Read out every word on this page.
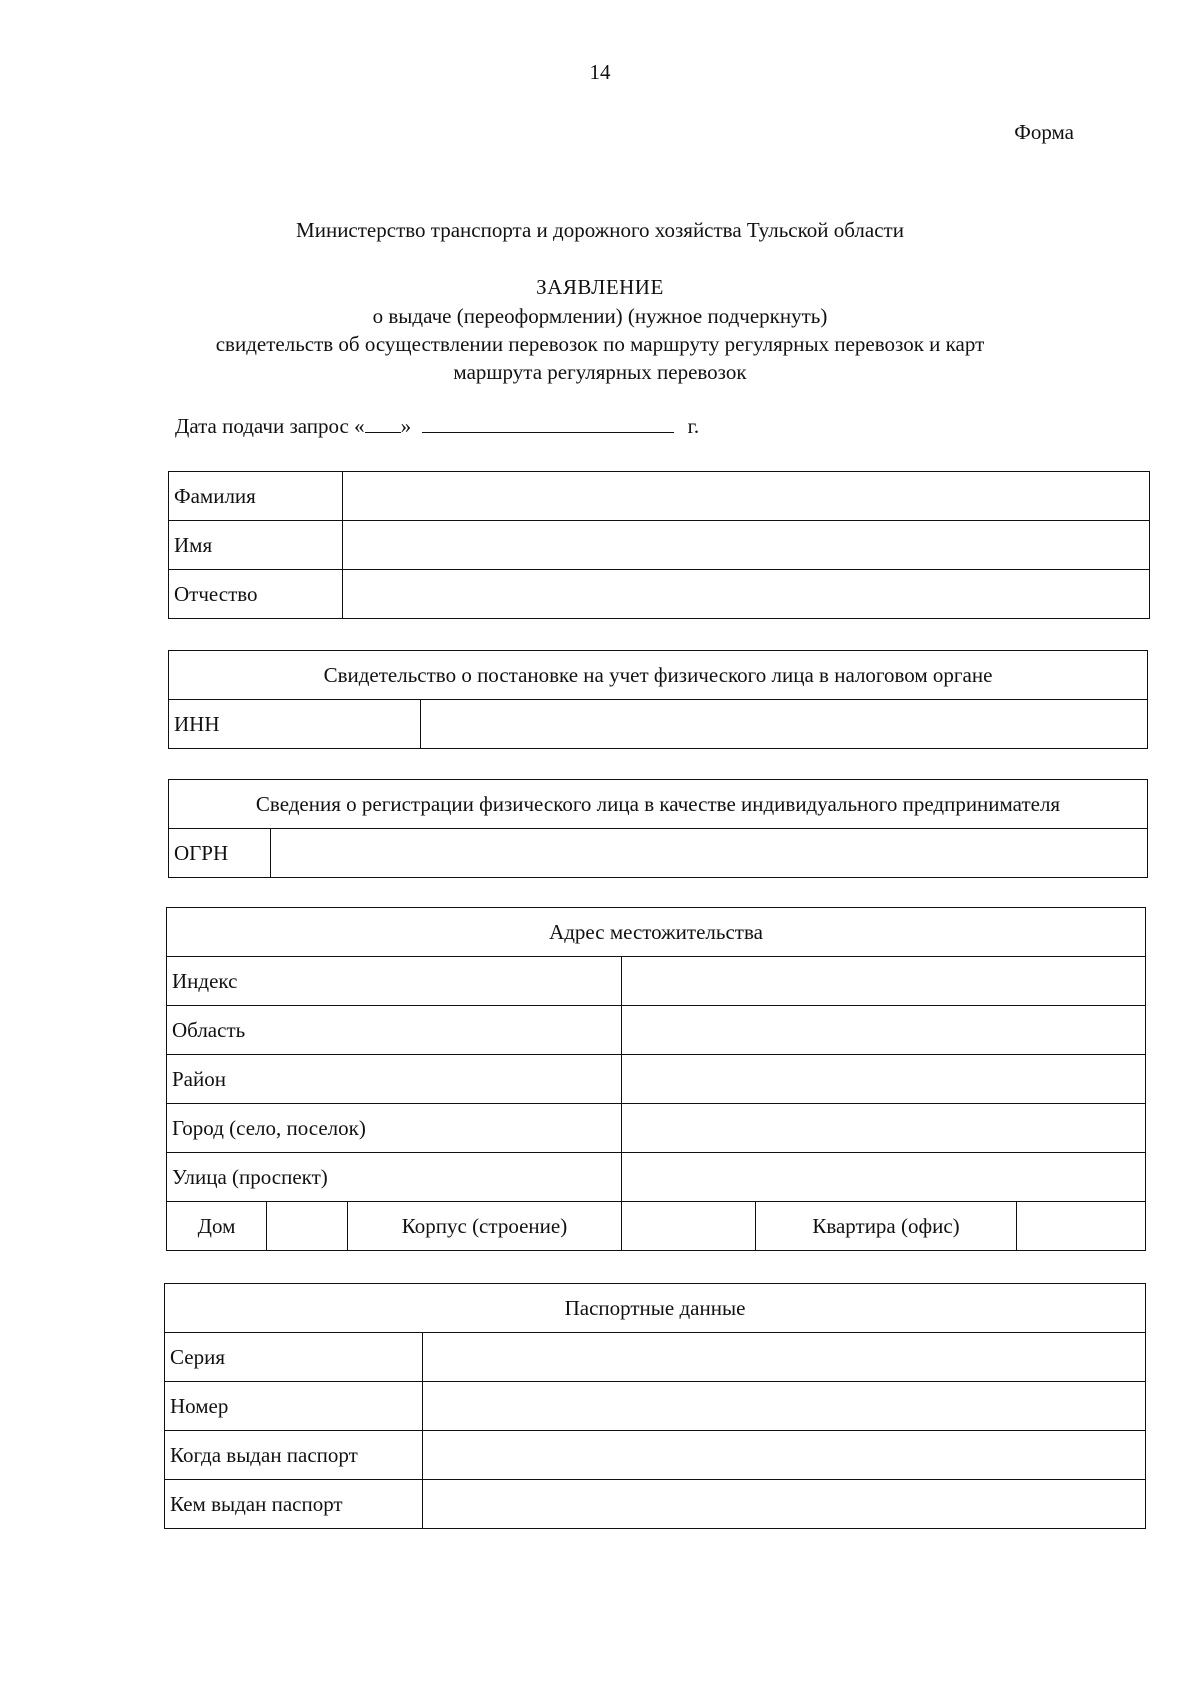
14
Форма
Министерство транспорта и дорожного хозяйства Тульской области
ЗАЯВЛЕНИЕ
о выдаче (переоформлении) (нужное подчеркнуть)
свидетельств об осуществлении перевозок по маршруту регулярных перевозок и карт
маршрута регулярных перевозок
Дата подачи запрос « »	г.
Фамилия	
Имя	
Отчество	
Свидетельство о постановке на учет физического лица в налоговом органе
ИНН	
Сведения о регистрации физического лица в качестве индивидуального предпринимателя
ОГРН	
Адрес местожительства					
Индекс					
Область					
Район					
Город (село, поселок)					
Улица (проспект)					
Дом		Корпус (строение)		Квартира (офис)	
Паспортные данные	
Серия	
Номер	
Когда выдан паспорт	
Кем выдан паспорт	
